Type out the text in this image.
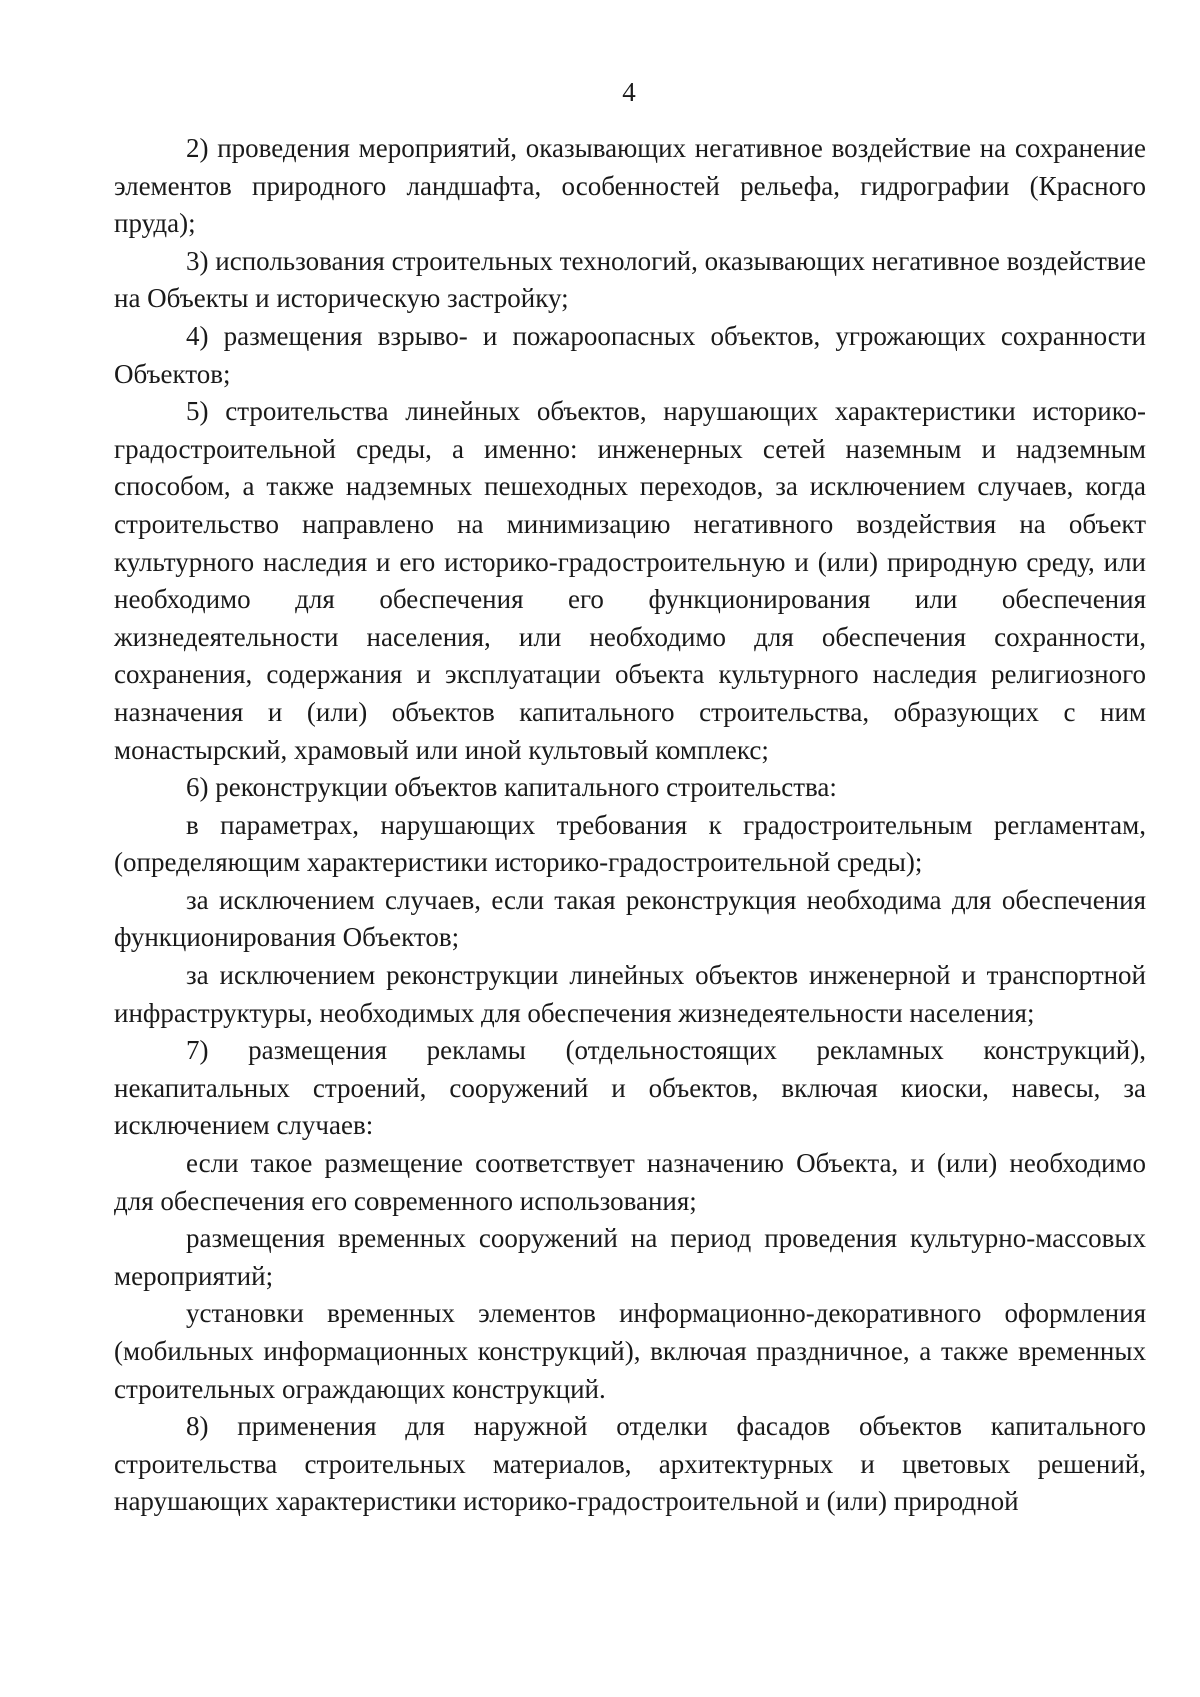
4

2) проведения мероприятий, оказывающих негативное воздействие на сохранение элементов природного ландшафта, особенностей рельефа, гидрографии (Красного пруда);

3) использования строительных технологий, оказывающих негативное воздействие на Объекты и историческую застройку;

4) размещения взрыво- и пожароопасных объектов, угрожающих сохранности Объектов;

5) строительства линейных объектов, нарушающих характеристики историко-градостроительной среды, а именно: инженерных сетей наземным и надземным способом, а также надземных пешеходных переходов, за исключением случаев, когда строительство направлено на минимизацию негативного воздействия на объект культурного наследия и его историко-градостроительную и (или) природную среду, или необходимо для обеспечения его функционирования или обеспечения жизнедеятельности населения, или необходимо для обеспечения сохранности, сохранения, содержания и эксплуатации объекта культурного наследия религиозного назначения и (или) объектов капитального строительства, образующих с ним монастырский, храмовый или иной культовый комплекс;

6) реконструкции объектов капитального строительства:

в параметрах, нарушающих требования к градостроительным регламентам, (определяющим характеристики историко-градостроительной среды);

за исключением случаев, если такая реконструкция необходима для обеспечения функционирования Объектов;

за исключением реконструкции линейных объектов инженерной и транспортной инфраструктуры, необходимых для обеспечения жизнедеятельности населения;

7) размещения рекламы (отдельностоящих рекламных конструкций), некапитальных строений, сооружений и объектов, включая киоски, навесы, за исключением случаев:

если такое размещение соответствует назначению Объекта, и (или) необходимо для обеспечения его современного использования;

размещения временных сооружений на период проведения культурно-массовых мероприятий;

установки временных элементов информационно-декоративного оформления (мобильных информационных конструкций), включая праздничное, а также временных строительных ограждающих конструкций.

8) применения для наружной отделки фасадов объектов капитального строительства строительных материалов, архитектурных и цветовых решений, нарушающих характеристики историко-градостроительной и (или) природной
